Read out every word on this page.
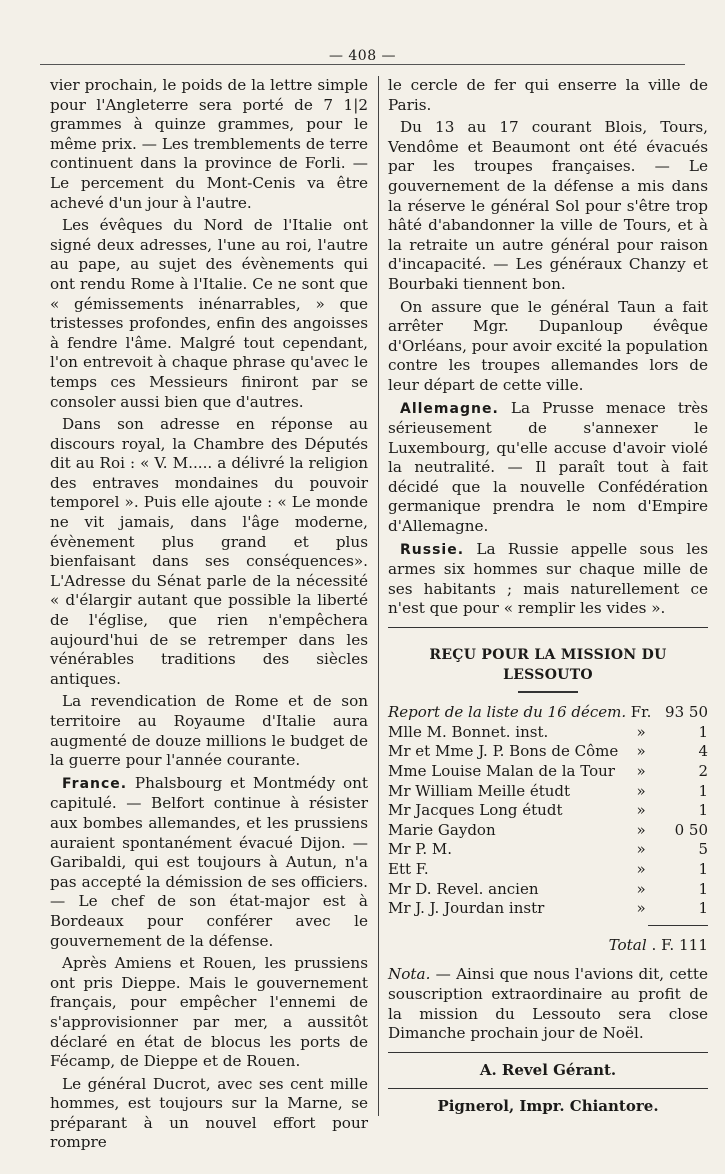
— 408 —

vier prochain, le poids de la lettre simple pour l'Angleterre sera porté de 7 1|2 grammes à quinze grammes, pour le même prix. — Les tremblements de terre continuent dans la province de Forli. — Le percement du Mont-Cenis va être achevé d'un jour à l'autre.

Les évêques du Nord de l'Italie ont signé deux adresses, l'une au roi, l'autre au pape, au sujet des évènements qui ont rendu Rome à l'Italie. Ce ne sont que « gémissements inénarrables, » que tristesses profondes, enfin des angoisses à fendre l'âme. Malgré tout cependant, l'on entrevoit à chaque phrase qu'avec le temps ces Messieurs finiront par se consoler aussi bien que d'autres.

Dans son adresse en réponse au discours royal, la Chambre des Députés dit au Roi : « V. M..... a délivré la religion des entraves mondaines du pouvoir temporel ». Puis elle ajoute : « Le monde ne vit jamais, dans l'âge moderne, évènement plus grand et plus bienfaisant dans ses conséquences». L'Adresse du Sénat parle de la nécessité « d'élargir autant que possible la liberté de l'église, que rien n'empêchera aujourd'hui de se retremper dans les vénérables traditions des siècles antiques.

La revendication de Rome et de son territoire au Royaume d'Italie aura augmenté de douze millions le budget de la guerre pour l'année courante.

France. Phalsbourg et Montmédy ont capitulé. — Belfort continue à résister aux bombes allemandes, et les prussiens auraient spontanément évacué Dijon. — Garibaldi, qui est toujours à Autun, n'a pas accepté la démission de ses officiers. — Le chef de son état-major est à Bordeaux pour conférer avec le gouvernement de la défense.

Après Amiens et Rouen, les prussiens ont pris Dieppe. Mais le gouvernement français, pour empêcher l'ennemi de s'approvisionner par mer, a aussitôt déclaré en état de blocus les ports de Fécamp, de Dieppe et de Rouen.

Le général Ducrot, avec ses cent mille hommes, est toujours sur la Marne, se préparant à un nouvel effort pour rompre

le cercle de fer qui enserre la ville de Paris.

Du 13 au 17 courant Blois, Tours, Vendôme et Beaumont ont été évacués par les troupes françaises. — Le gouvernement de la défense a mis dans la réserve le général Sol pour s'être trop hâté d'abandonner la ville de Tours, et à la retraite un autre général pour raison d'incapacité. — Les généraux Chanzy et Bourbaki tiennent bon.

On assure que le général Taun a fait arrêter Mgr. Dupanloup évêque d'Orléans, pour avoir excité la population contre les troupes allemandes lors de leur départ de cette ville.

Allemagne. La Prusse menace très sérieusement de s'annexer le Luxembourg, qu'elle accuse d'avoir violé la neutralité. — Il paraît tout à fait décidé que la nouvelle Confédération germanique prendra le nom d'Empire d'Allemagne.

Russie. La Russie appelle sous les armes six hommes sur chaque mille de ses habitants ; mais naturellement ce n'est que pour « remplir les vides ».

REÇU POUR LA MISSION DU LESSOUTO
Report de la liste du 16 décem.	Fr.	93 50
Mlle M. Bonnet. inst.	»	1
Mr et Mme J. P. Bons de Côme	»	4
Mme Louise Malan de la Tour	»	2
Mr William Meille étudt	»	1
Mr Jacques Long étudt	»	1
Marie Gaydon	»	0 50
Mr P. M.	»	5
Ett F.	»	1
Mr D. Revel. ancien	»	1
Mr J. J. Jourdan instr	»	1
Total . F. 111

Nota. — Ainsi que nous l'avions dit, cette souscription extraordinaire au profit de la mission du Lessouto sera close Dimanche prochain jour de Noël.

A. Revel Gérant.
Pignerol, Impr. Chiantore.
